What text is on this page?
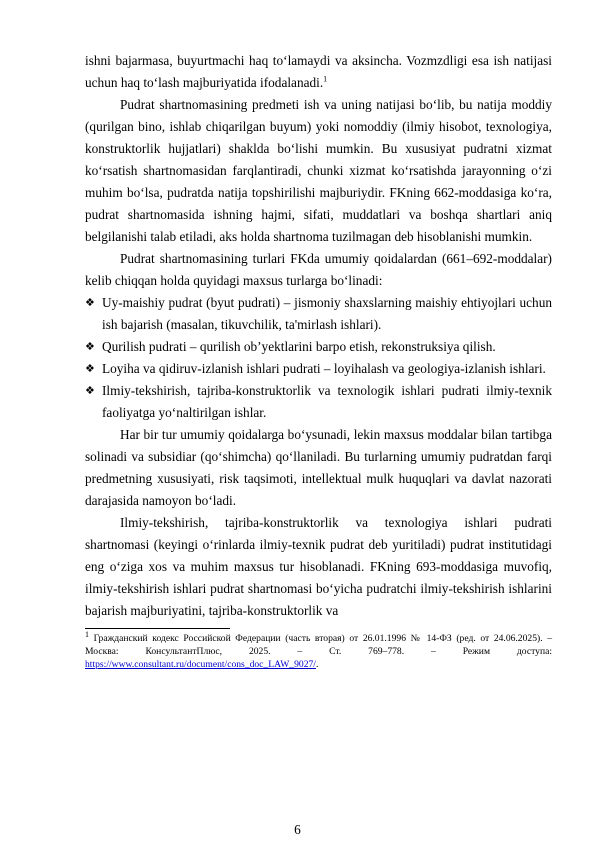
ishni bajarmasa, buyurtmachi haq to‘lamaydi va aksincha. Vozmzdligi esa ish natijasi uchun haq to‘lash majburiyatida ifodalanadi.$^1$

Pudrat shartnomasining predmeti ish va uning natijasi bo‘lib, bu natija moddiy (qurilgan bino, ishlab chiqarilgan buyum) yoki nomoddiy (ilmiy hisobot, texnologiya, konstruktorlik hujjatlari) shaklda bo‘lishi mumkin. Bu xususiyat pudratni xizmat ko‘rsatish shartnomasidan farqlantiradi, chunki xizmat ko‘rsatishda jarayonning o‘zi muhim bo‘lsa, pudratda natija topshirilishi majburiydir. FKning 662-moddasiga ko‘ra, pudrat shartnomasida ishning hajmi, sifati, muddatlari va boshqa shartlari aniq belgilanishi talab etiladi, aks holda shartnoma tuzilmagan deb hisoblanishi mumkin.

Pudrat shartnomasining turlari FKda umumiy qoidalardan (661–692-moddalar) kelib chiqqan holda quyidagi maxsus turlarga bo‘linadi:

❖ Uy-maishiy pudrat (byut pudrati) – jismoniy shaxslarning maishiy ehtiyojlari uchun ish bajarish (masalan, tikuvchilik, ta'mirlash ishlari).
❖ Qurilish pudrati – qurilish ob’yektlarini barpo etish, rekonstruksiya qilish.
❖ Loyiha va qidiruv-izlanish ishlari pudrati – loyihalash va geologiya-izlanish ishlari.
❖ Ilmiy-tekshirish, tajriba-konstruktorlik va texnologik ishlari pudrati ilmiy-texnik faoliyatga yo‘naltirilgan ishlar.

Har bir tur umumiy qoidalarga bo‘ysunadi, lekin maxsus moddalar bilan tartibga solinadi va subsidiar (qo‘shimcha) qo‘llaniladi. Bu turlarning umumiy pudratdan farqi predmetning xususiyati, risk taqsimoti, intellektual mulk huquqlari va davlat nazorati darajasida namoyon bo‘ladi.

Ilmiy-tekshirish, tajriba-konstruktorlik va texnologiya ishlari pudrati shartnomasi (keyingi o‘rinlarda ilmiy-texnik pudrat deb yuritiladi) pudrat institutidagi eng o‘ziga xos va muhim maxsus tur hisoblanadi. FKning 693-moddasiga muvofiq, ilmiy-tekshirish ishlari pudrat shartnomasi bo‘yicha pudratchi ilmiy-tekshirish ishlarini bajarish majburiyatini, tajriba-konstruktorlik va

$^1$ Гражданский кодекс Российской Федерации (часть вторая) от 26.01.1996 № 14-ФЗ (ред. от 24.06.2025). – Москва: КонсультантПлюс, 2025. – Ст. 769–778. – Режим доступа: https://www.consultant.ru/document/cons_doc_LAW_9027/.
6
